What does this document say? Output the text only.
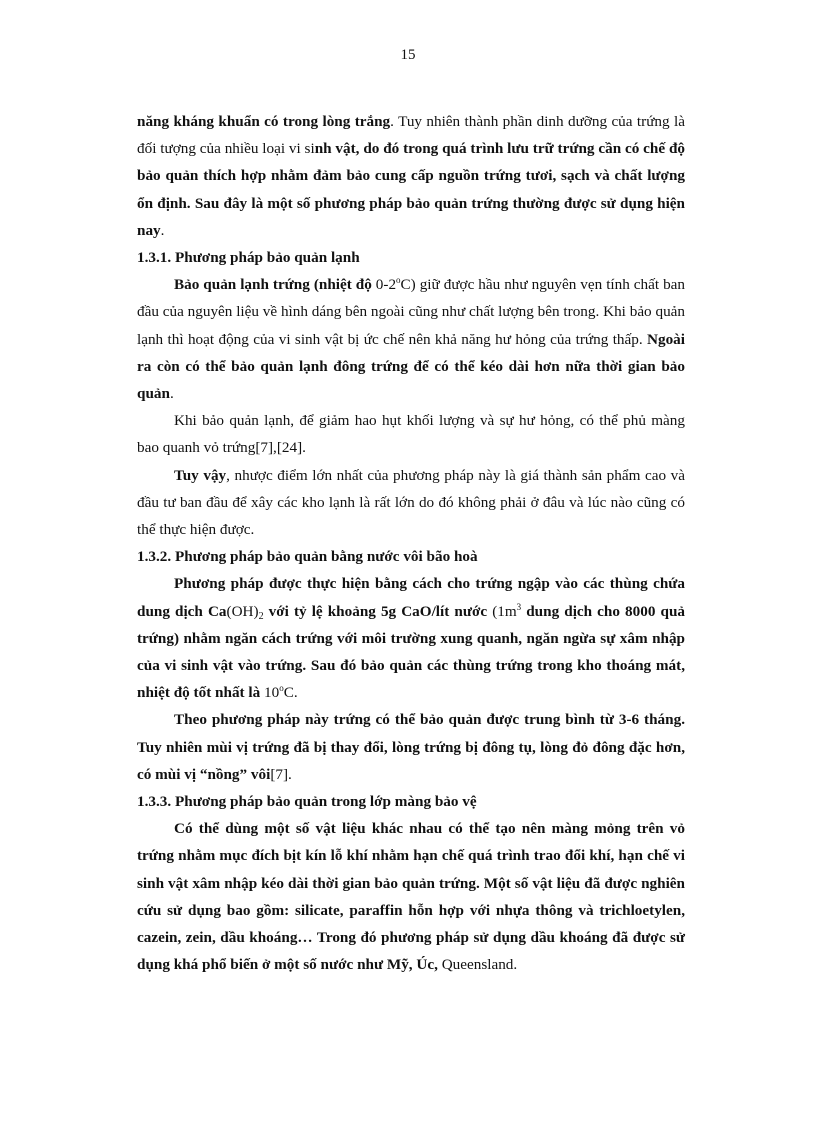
15

năng kháng khuẩn có trong lòng trắng. Tuy nhiên thành phần dinh dưỡng của trứng là đối tượng của nhiều loại vi sinh vật, do đó trong quá trình lưu trữ trứng cần có chế độ bảo quản thích hợp nhằm đảm bảo cung cấp nguồn trứng tươi, sạch và chất lượng ổn định. Sau đây là một số phương pháp bảo quản trứng thường được sử dụng hiện nay.

1.3.1. Phương pháp bảo quản lạnh

Bảo quản lạnh trứng (nhiệt độ 0-2$^o$C) giữ được hầu như nguyên vẹn tính chất ban đầu của nguyên liệu về hình dáng bên ngoài cũng như chất lượng bên trong. Khi bảo quản lạnh thì hoạt động của vi sinh vật bị ức chế nên khả năng hư hỏng của trứng thấp. Ngoài ra còn có thể bảo quản lạnh đông trứng để có thể kéo dài hơn nữa thời gian bảo quản.

Khi bảo quản lạnh, để giảm hao hụt khối lượng và sự hư hỏng, có thể phủ màng bao quanh vỏ trứng[7],[24].

Tuy vậy, nhược điểm lớn nhất của phương pháp này là giá thành sản phẩm cao và đầu tư ban đầu để xây các kho lạnh là rất lớn do đó không phải ở đâu và lúc nào cũng có thể thực hiện được.

1.3.2. Phương pháp bảo quản bằng nước vôi bão hoà

Phương pháp được thực hiện bằng cách cho trứng ngập vào các thùng chứa dung dịch $Ca(OH)_2$ với tỷ lệ khoảng 5g CaO/lít nước ($1m^3$ dung dịch cho 8000 quả trứng) nhằm ngăn cách trứng với môi trường xung quanh, ngăn ngừa sự xâm nhập của vi sinh vật vào trứng. Sau đó bảo quản các thùng trứng trong kho thoáng mát, nhiệt độ tốt nhất là 10$^o$C.

Theo phương pháp này trứng có thể bảo quản được trung bình từ 3-6 tháng. Tuy nhiên mùi vị trứng đã bị thay đổi, lòng trứng bị đông tụ, lòng đỏ đông đặc hơn, có mùi vị “nồng” vôi[7].

1.3.3. Phương pháp bảo quản trong lớp màng bảo vệ

Có thể dùng một số vật liệu khác nhau có thể tạo nên màng mỏng trên vỏ trứng nhằm mục đích bịt kín lỗ khí nhằm hạn chế quá trình trao đổi khí, hạn chế vi sinh vật xâm nhập kéo dài thời gian bảo quản trứng. Một số vật liệu đã được nghiên cứu sử dụng bao gồm: silicate, paraffin hỗn hợp với nhựa thông và trichloetylen, cazein, zein, dầu khoáng… Trong đó phương pháp sử dụng dầu khoáng đã được sử dụng khá phổ biến ở một số nước như Mỹ, Úc, Queensland.
